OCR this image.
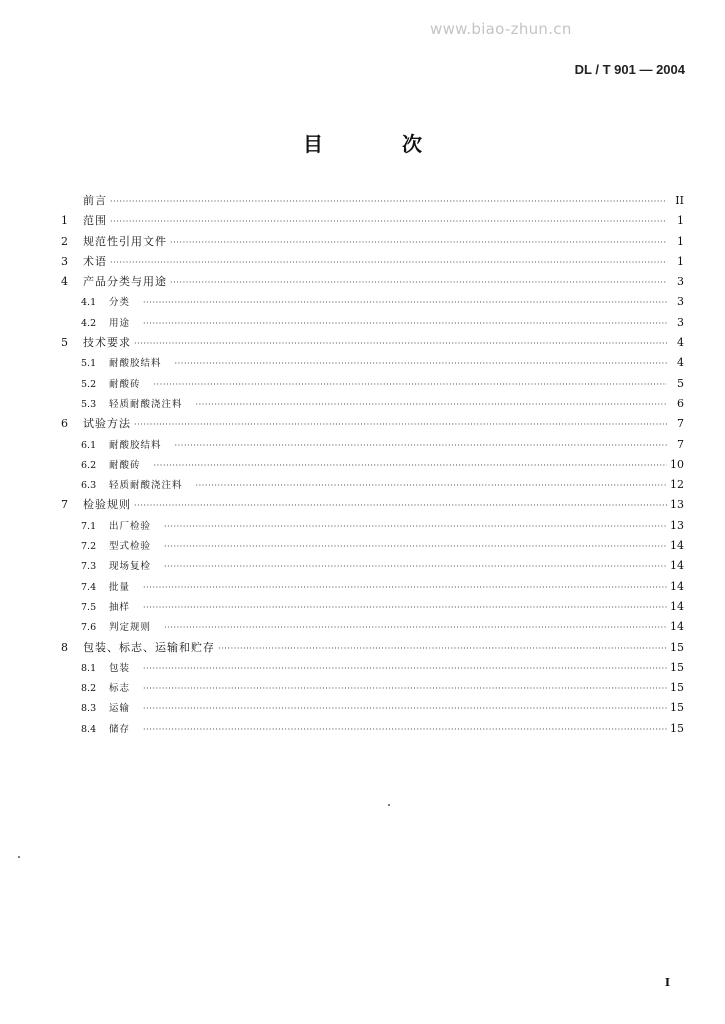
www.biao-zhun.cn
DL / T 901 — 2004
目 次
前言 ·····	II
1	范围 ·····	1
2	规范性引用文件 ·····	1
3	术语 ·····	1
4	产品分类与用途 ·····	3
4.1	分类 ·····	3
4.2	用途 ·····	3
5	技术要求 ·····	4
5.1	耐酸胶结料 ·····	4
5.2	耐酸砖 ·····	5
5.3	轻质耐酸浇注料 ·····	6
6	试验方法 ·····	7
6.1	耐酸胶结料 ·····	7
6.2	耐酸砖 ·····	10
6.3	轻质耐酸浇注料 ·····	12
7	检验规则 ·····	13
7.1	出厂检验 ·····	13
7.2	型式检验 ·····	14
7.3	现场复检 ·····	14
7.4	批量 ·····	14
7.5	抽样 ·····	14
7.6	判定规则 ·····	14
8	包装、标志、运输和贮存 ·····	15
8.1	包装 ·····	15
8.2	标志 ·····	15
8.3	运输 ·····	15
8.4	储存 ·····	15
I
